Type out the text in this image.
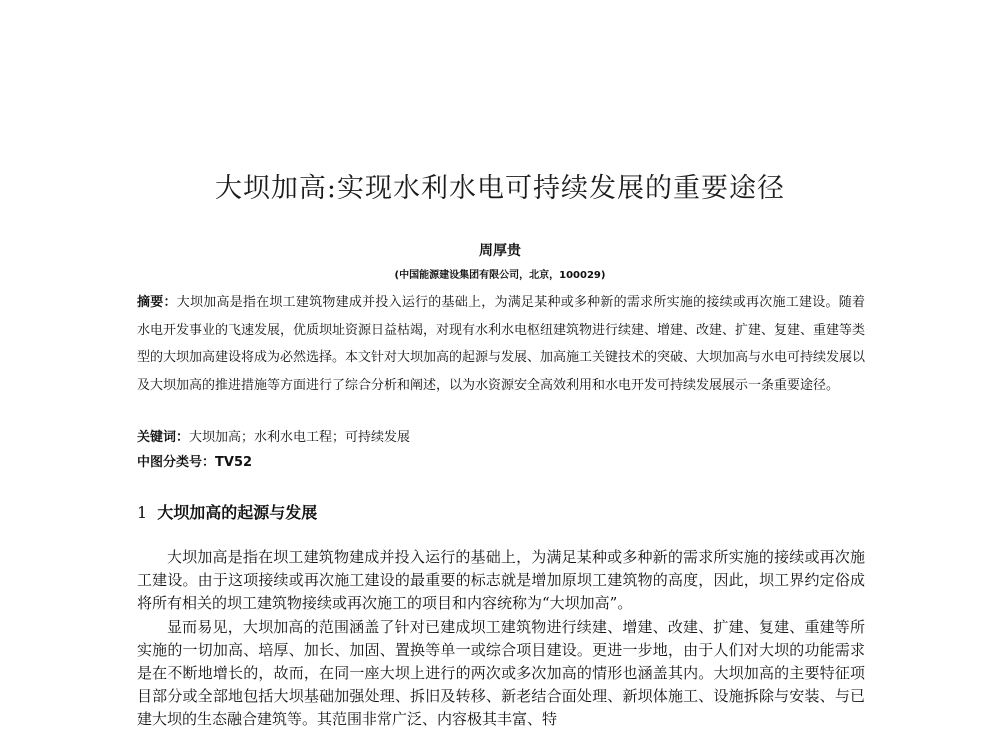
大坝加高:实现水利水电可持续发展的重要途径
周厚贵
(中国能源建设集团有限公司，北京，100029)
摘要：大坝加高是指在坝工建筑物建成并投入运行的基础上，为满足某种或多种新的需求所实施的接续或再次施工建设。随着水电开发事业的飞速发展，优质坝址资源日益枯竭，对现有水利水电枢纽建筑物进行续建、增建、改建、扩建、复建、重建等类型的大坝加高建设将成为必然选择。本文针对大坝加高的起源与发展、加高施工关键技术的突破、大坝加高与水电可持续发展以及大坝加高的推进措施等方面进行了综合分析和阐述，以为水资源安全高效利用和水电开发可持续发展展示一条重要途径。
关键词：大坝加高；水利水电工程；可持续发展
中图分类号：TV52
1 大坝加高的起源与发展

大坝加高是指在坝工建筑物建成并投入运行的基础上，为满足某种或多种新的需求所实施的接续或再次施工建设。由于这项接续或再次施工建设的最重要的标志就是增加原坝工建筑物的高度，因此，坝工界约定俗成将所有相关的坝工建筑物接续或再次施工的项目和内容统称为“大坝加高”。

显而易见，大坝加高的范围涵盖了针对已建成坝工建筑物进行续建、增建、改建、扩建、复建、重建等所实施的一切加高、培厚、加长、加固、置换等单一或综合项目建设。更进一步地，由于人们对大坝的功能需求是在不断地增长的，故而，在同一座大坝上进行的两次或多次加高的情形也涵盖其内。大坝加高的主要特征项目部分或全部地包括大坝基础加强处理、拆旧及转移、新老结合面处理、新坝体施工、设施拆除与安装、与已建大坝的生态融合建筑等。其范围非常广泛、内容极其丰富、特
